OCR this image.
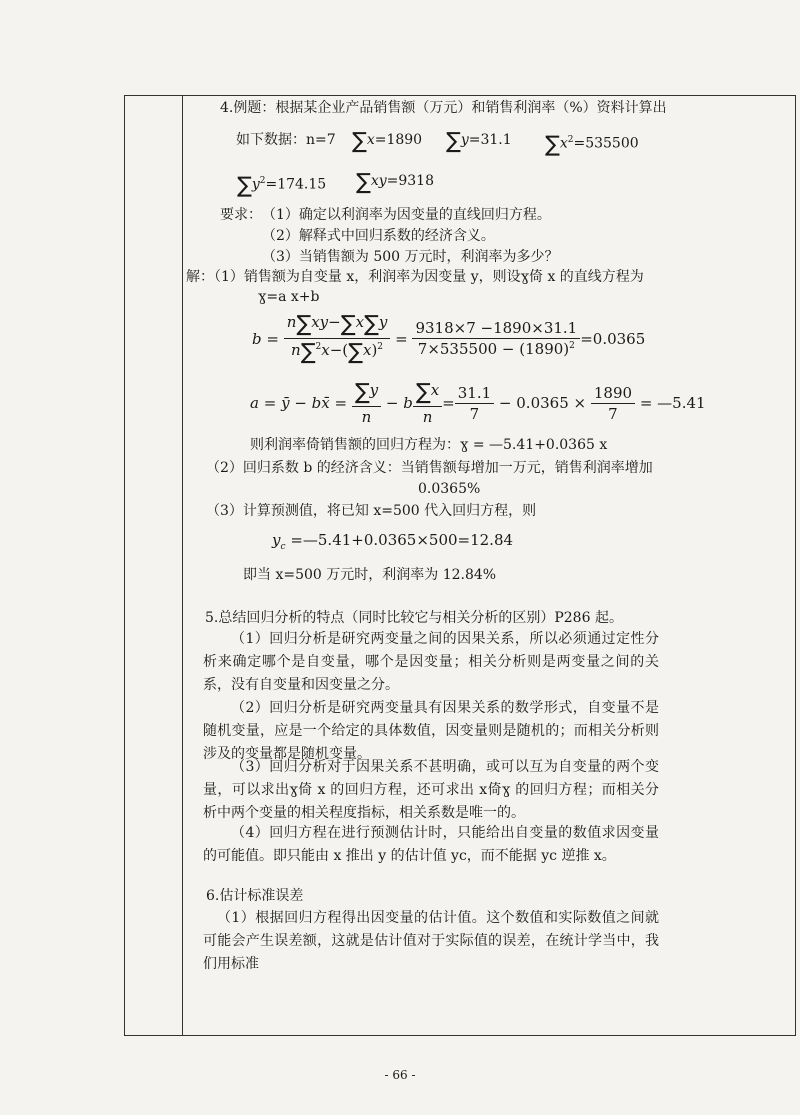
4.例题：根据某企业产品销售额（万元）和销售利润率（%）资料计算出
如下数据：n=7 ∑x=1890 ∑y=31.1 $\sum x^2=535500$
$\sum y^2=174.15$ ∑xy=9318
要求： （1）确定以利润率为因变量的直线回归方程。
（2）解释式中回归系数的经济含义。
（3）当销售额为 500 万元时，利润率为多少？
解：（1）销售额为自变量 x，利润率为因变量 y，则设ɣ倚 x 的直线方程为
ɣ=a x+b
$b = \frac{n\sum xy-\sum x\sum y}{n\sum^2x-(\sum x)^2} = \frac{9318\times 7 -1890\times 31.1}{7\times 535500 - (1890)^2} =0.0365$
a = ȳ − b x̄ = $\frac{\sum y}{n} - b \frac{\sum x}{n} = \frac{31.1}{7} - 0.0365 \times \frac{1890}{7}$
= —5.41
则利润率倚销售额的回归方程为：ɣ = —5.41+0.0365 x
（2）回归系数 b 的经济含义：当销售额每增加一万元，销售利润率增加
0.0365%
（3）计算预测值，将已知 x=500 代入回归方程，则
$y_c$ =—5.41+0.0365×500=12.84
即当 x=500 万元时，利润率为 12.84%
5.总结回归分析的特点（同时比较它与相关分析的区别）P286 起。
（1）回归分析是研究两变量之间的因果关系，所以必须通过定性分析来确定哪个是自变量，哪个是因变量；相关分析则是两变量之间的关系，没有自变量和因变量之分。
（2）回归分析是研究两变量具有因果关系的数学形式，自变量不是随机变量，应是一个给定的具体数值，因变量则是随机的；而相关分析则涉及的变量都是随机变量。
（3）回归分析对于因果关系不甚明确，或可以互为自变量的两个变量，可以求出ɣ倚 x 的回归方程，还可求出 x倚ɣ 的回归方程；而相关分析中两个变量的相关程度指标，相关系数是唯一的。
（4）回归方程在进行预测估计时，只能给出自变量的数值求因变量的可能值。即只能由 x 推出 y 的估计值 yc，而不能据 yc 逆推 x。
6.估计标准误差
（1）根据回归方程得出因变量的估计值。这个数值和实际数值之间就可能会产生误差额，这就是估计值对于实际值的误差，在统计学当中，我们用标准
- 66 -
